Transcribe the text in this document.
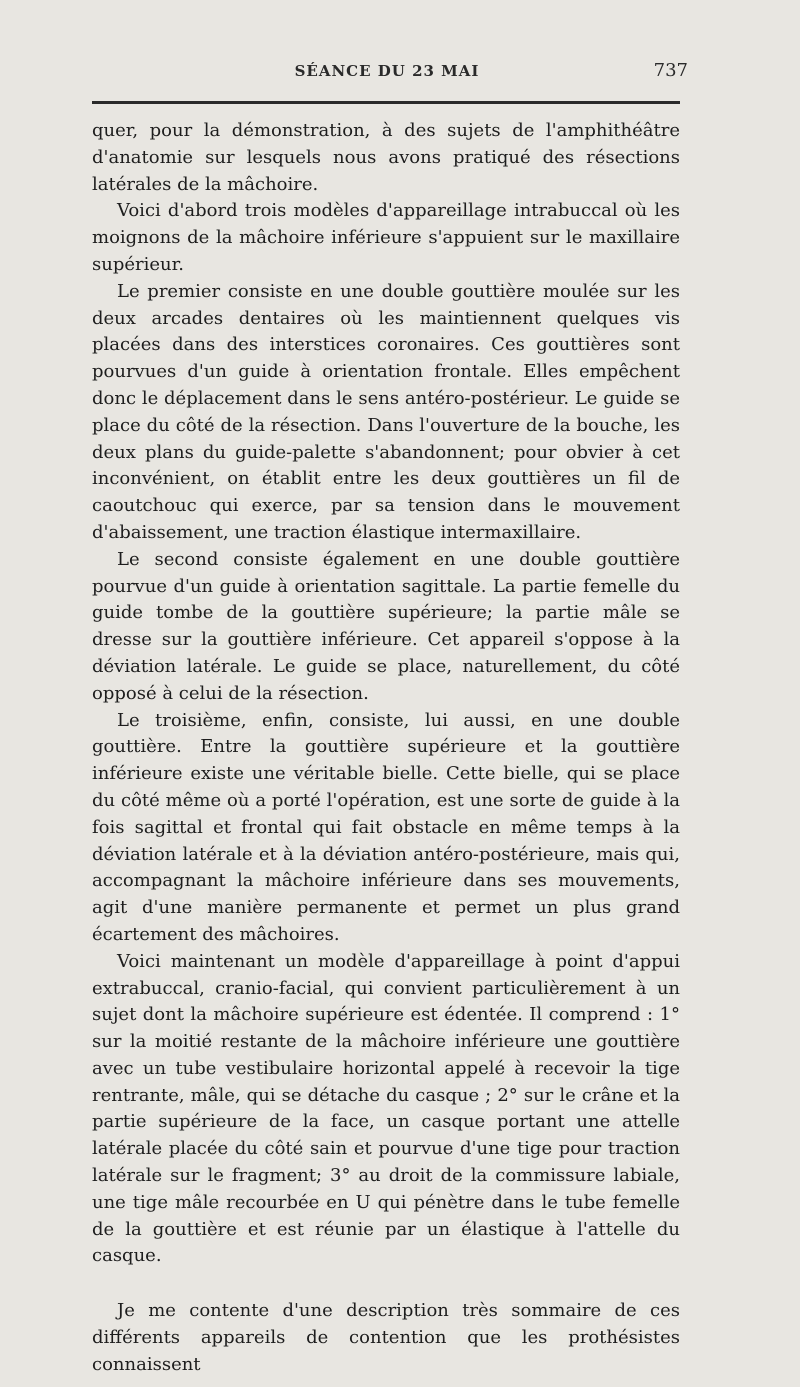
SÉANCE DU 23 MAI	737

quer, pour la démonstration, à des sujets de l'amphithéâtre d'anatomie sur lesquels nous avons pratiqué des résections latérales de la mâchoire.

Voici d'abord trois modèles d'appareillage intrabuccal où les moignons de la mâchoire inférieure s'appuient sur le maxillaire supérieur.

Le premier consiste en une double gouttière moulée sur les deux arcades dentaires où les maintiennent quelques vis placées dans des interstices coronaires. Ces gouttières sont pourvues d'un guide à orientation frontale. Elles empêchent donc le déplacement dans le sens antéro-postérieur. Le guide se place du côté de la résection. Dans l'ouverture de la bouche, les deux plans du guide-palette s'abandonnent; pour obvier à cet inconvénient, on établit entre les deux gouttières un fil de caoutchouc qui exerce, par sa tension dans le mouvement d'abaissement, une traction élastique intermaxillaire.

Le second consiste également en une double gouttière pourvue d'un guide à orientation sagittale. La partie femelle du guide tombe de la gouttière supérieure; la partie mâle se dresse sur la gouttière inférieure. Cet appareil s'oppose à la déviation latérale. Le guide se place, naturellement, du côté opposé à celui de la résection.

Le troisième, enfin, consiste, lui aussi, en une double gouttière. Entre la gouttière supérieure et la gouttière inférieure existe une véritable bielle. Cette bielle, qui se place du côté même où a porté l'opération, est une sorte de guide à la fois sagittal et frontal qui fait obstacle en même temps à la déviation latérale et à la déviation antéro-postérieure, mais qui, accompagnant la mâchoire inférieure dans ses mouvements, agit d'une manière permanente et permet un plus grand écartement des mâchoires.

Voici maintenant un modèle d'appareillage à point d'appui extrabuccal, cranio-facial, qui convient particulièrement à un sujet dont la mâchoire supérieure est édentée. Il comprend : 1° sur la moitié restante de la mâchoire inférieure une gouttière avec un tube vestibulaire horizontal appelé à recevoir la tige rentrante, mâle, qui se détache du casque ; 2° sur le crâne et la partie supérieure de la face, un casque portant une attelle latérale placée du côté sain et pourvue d'une tige pour traction latérale sur le fragment; 3° au droit de la commissure labiale, une tige mâle recourbée en U qui pénètre dans le tube femelle de la gouttière et est réunie par un élastique à l'attelle du casque.

Je me contente d'une description très sommaire de ces différents appareils de contention que les prothésistes connaissent
